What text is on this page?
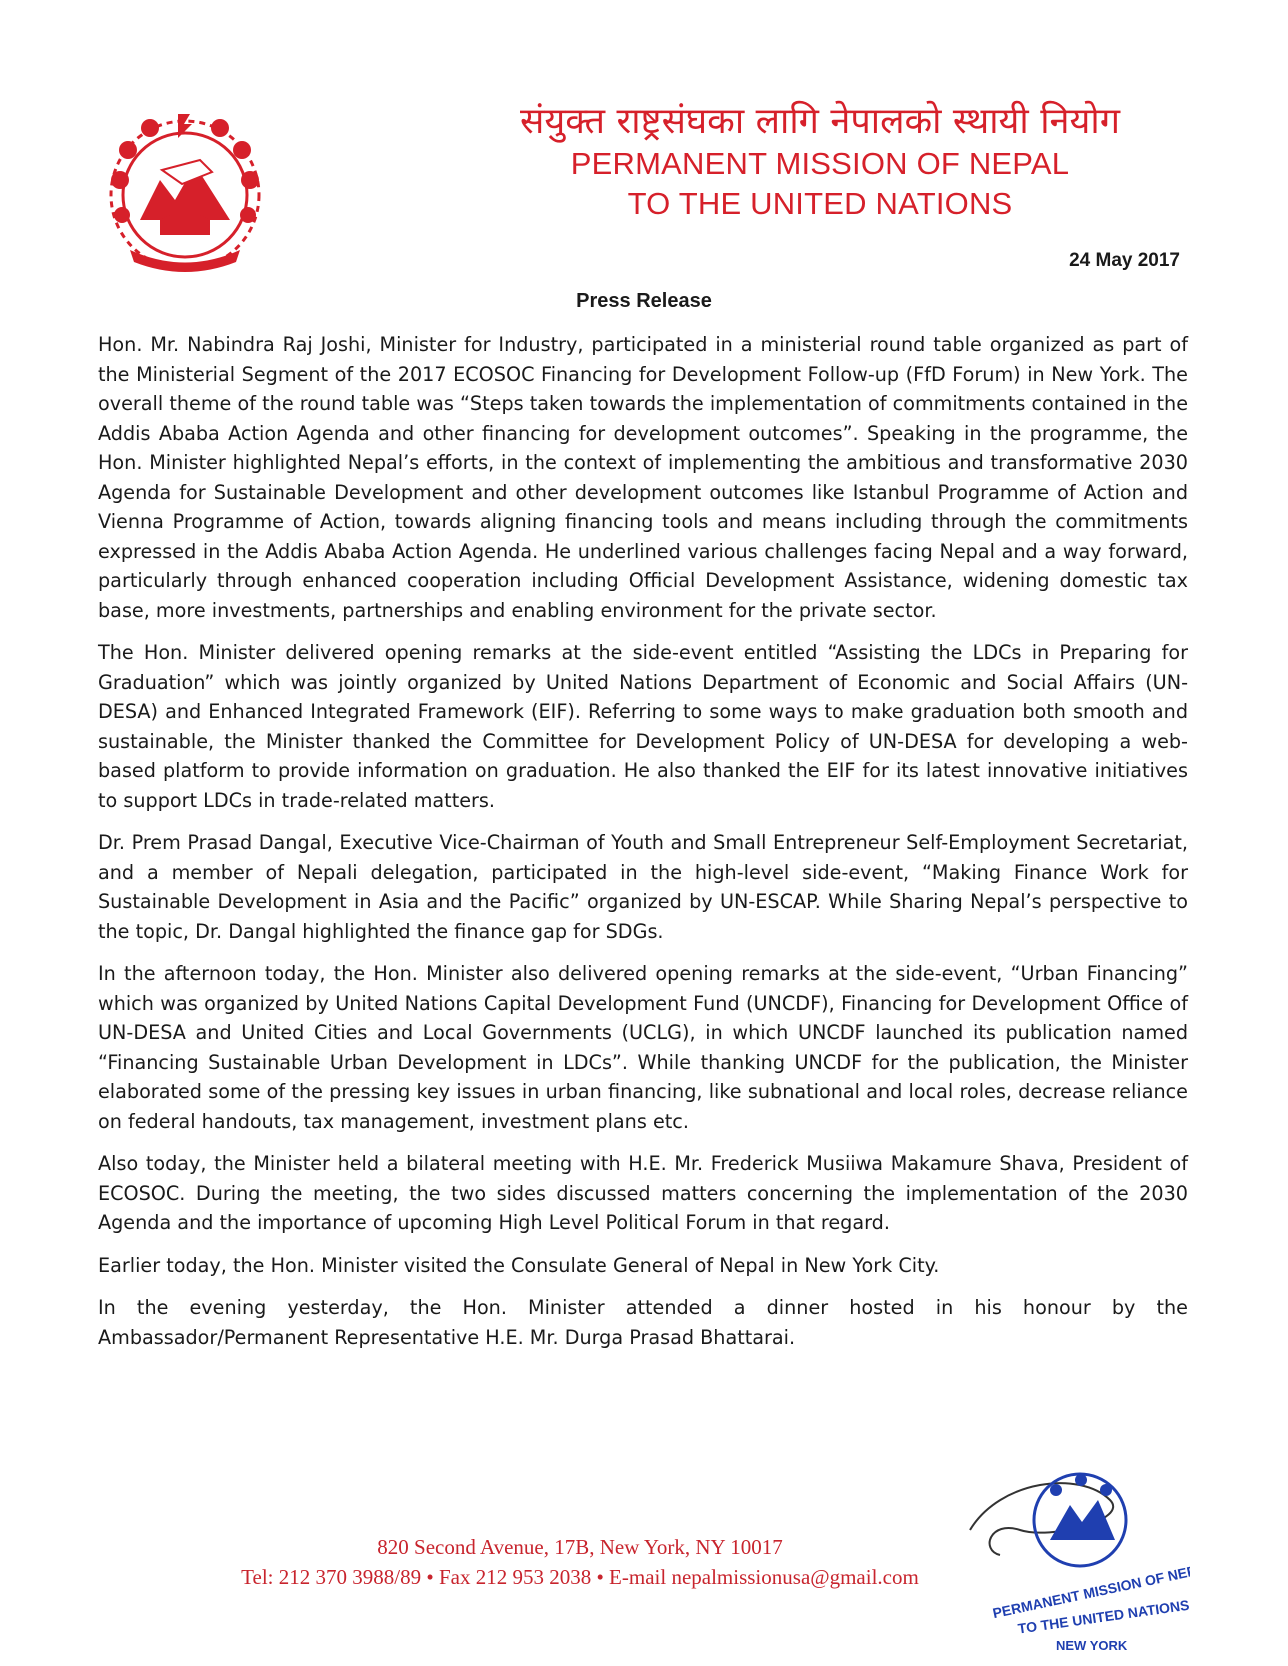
संयुक्त राष्ट्रसंघका लागि नेपालको स्थायी नियोग
PERMANENT MISSION OF NEPAL
TO THE UNITED NATIONS
24 May 2017
Press Release

Hon. Mr. Nabindra Raj Joshi, Minister for Industry, participated in a ministerial round table organized as part of the Ministerial Segment of the 2017 ECOSOC Financing for Development Follow-up (FfD Forum) in New York. The overall theme of the round table was “Steps taken towards the implementation of commitments contained in the Addis Ababa Action Agenda and other financing for development outcomes”. Speaking in the programme, the Hon. Minister highlighted Nepal’s efforts, in the context of implementing the ambitious and transformative 2030 Agenda for Sustainable Development and other development outcomes like Istanbul Programme of Action and Vienna Programme of Action, towards aligning financing tools and means including through the commitments expressed in the Addis Ababa Action Agenda. He underlined various challenges facing Nepal and a way forward, particularly through enhanced cooperation including Official Development Assistance, widening domestic tax base, more investments, partnerships and enabling environment for the private sector.

The Hon. Minister delivered opening remarks at the side-event entitled “Assisting the LDCs in Preparing for Graduation” which was jointly organized by United Nations Department of Economic and Social Affairs (UN-DESA) and Enhanced Integrated Framework (EIF). Referring to some ways to make graduation both smooth and sustainable, the Minister thanked the Committee for Development Policy of UN-DESA for developing a web-based platform to provide information on graduation. He also thanked the EIF for its latest innovative initiatives to support LDCs in trade-related matters.

Dr. Prem Prasad Dangal, Executive Vice-Chairman of Youth and Small Entrepreneur Self-Employment Secretariat, and a member of Nepali delegation, participated in the high-level side-event, “Making Finance Work for Sustainable Development in Asia and the Pacific” organized by UN-ESCAP. While Sharing Nepal’s perspective to the topic, Dr. Dangal highlighted the finance gap for SDGs.

In the afternoon today, the Hon. Minister also delivered opening remarks at the side-event, “Urban Financing” which was organized by United Nations Capital Development Fund (UNCDF), Financing for Development Office of UN-DESA and United Cities and Local Governments (UCLG), in which UNCDF launched its publication named “Financing Sustainable Urban Development in LDCs”. While thanking UNCDF for the publication, the Minister elaborated some of the pressing key issues in urban financing, like subnational and local roles, decrease reliance on federal handouts, tax management, investment plans etc.

Also today, the Minister held a bilateral meeting with H.E. Mr. Frederick Musiiwa Makamure Shava, President of ECOSOC. During the meeting, the two sides discussed matters concerning the implementation of the 2030 Agenda and the importance of upcoming High Level Political Forum in that regard.

Earlier today, the Hon. Minister visited the Consulate General of Nepal in New York City.

In the evening yesterday, the Hon. Minister attended a dinner hosted in his honour by the Ambassador/Permanent Representative H.E. Mr. Durga Prasad Bhattarai.

820 Second Avenue, 17B, New York, NY 10017
Tel: 212 370 3988/89 • Fax 212 953 2038 • E-mail nepalmissionusa@gmail.com
PERMANENT MISSION OF NEPAL
TO THE UNITED NATIONS
NEW YORK
